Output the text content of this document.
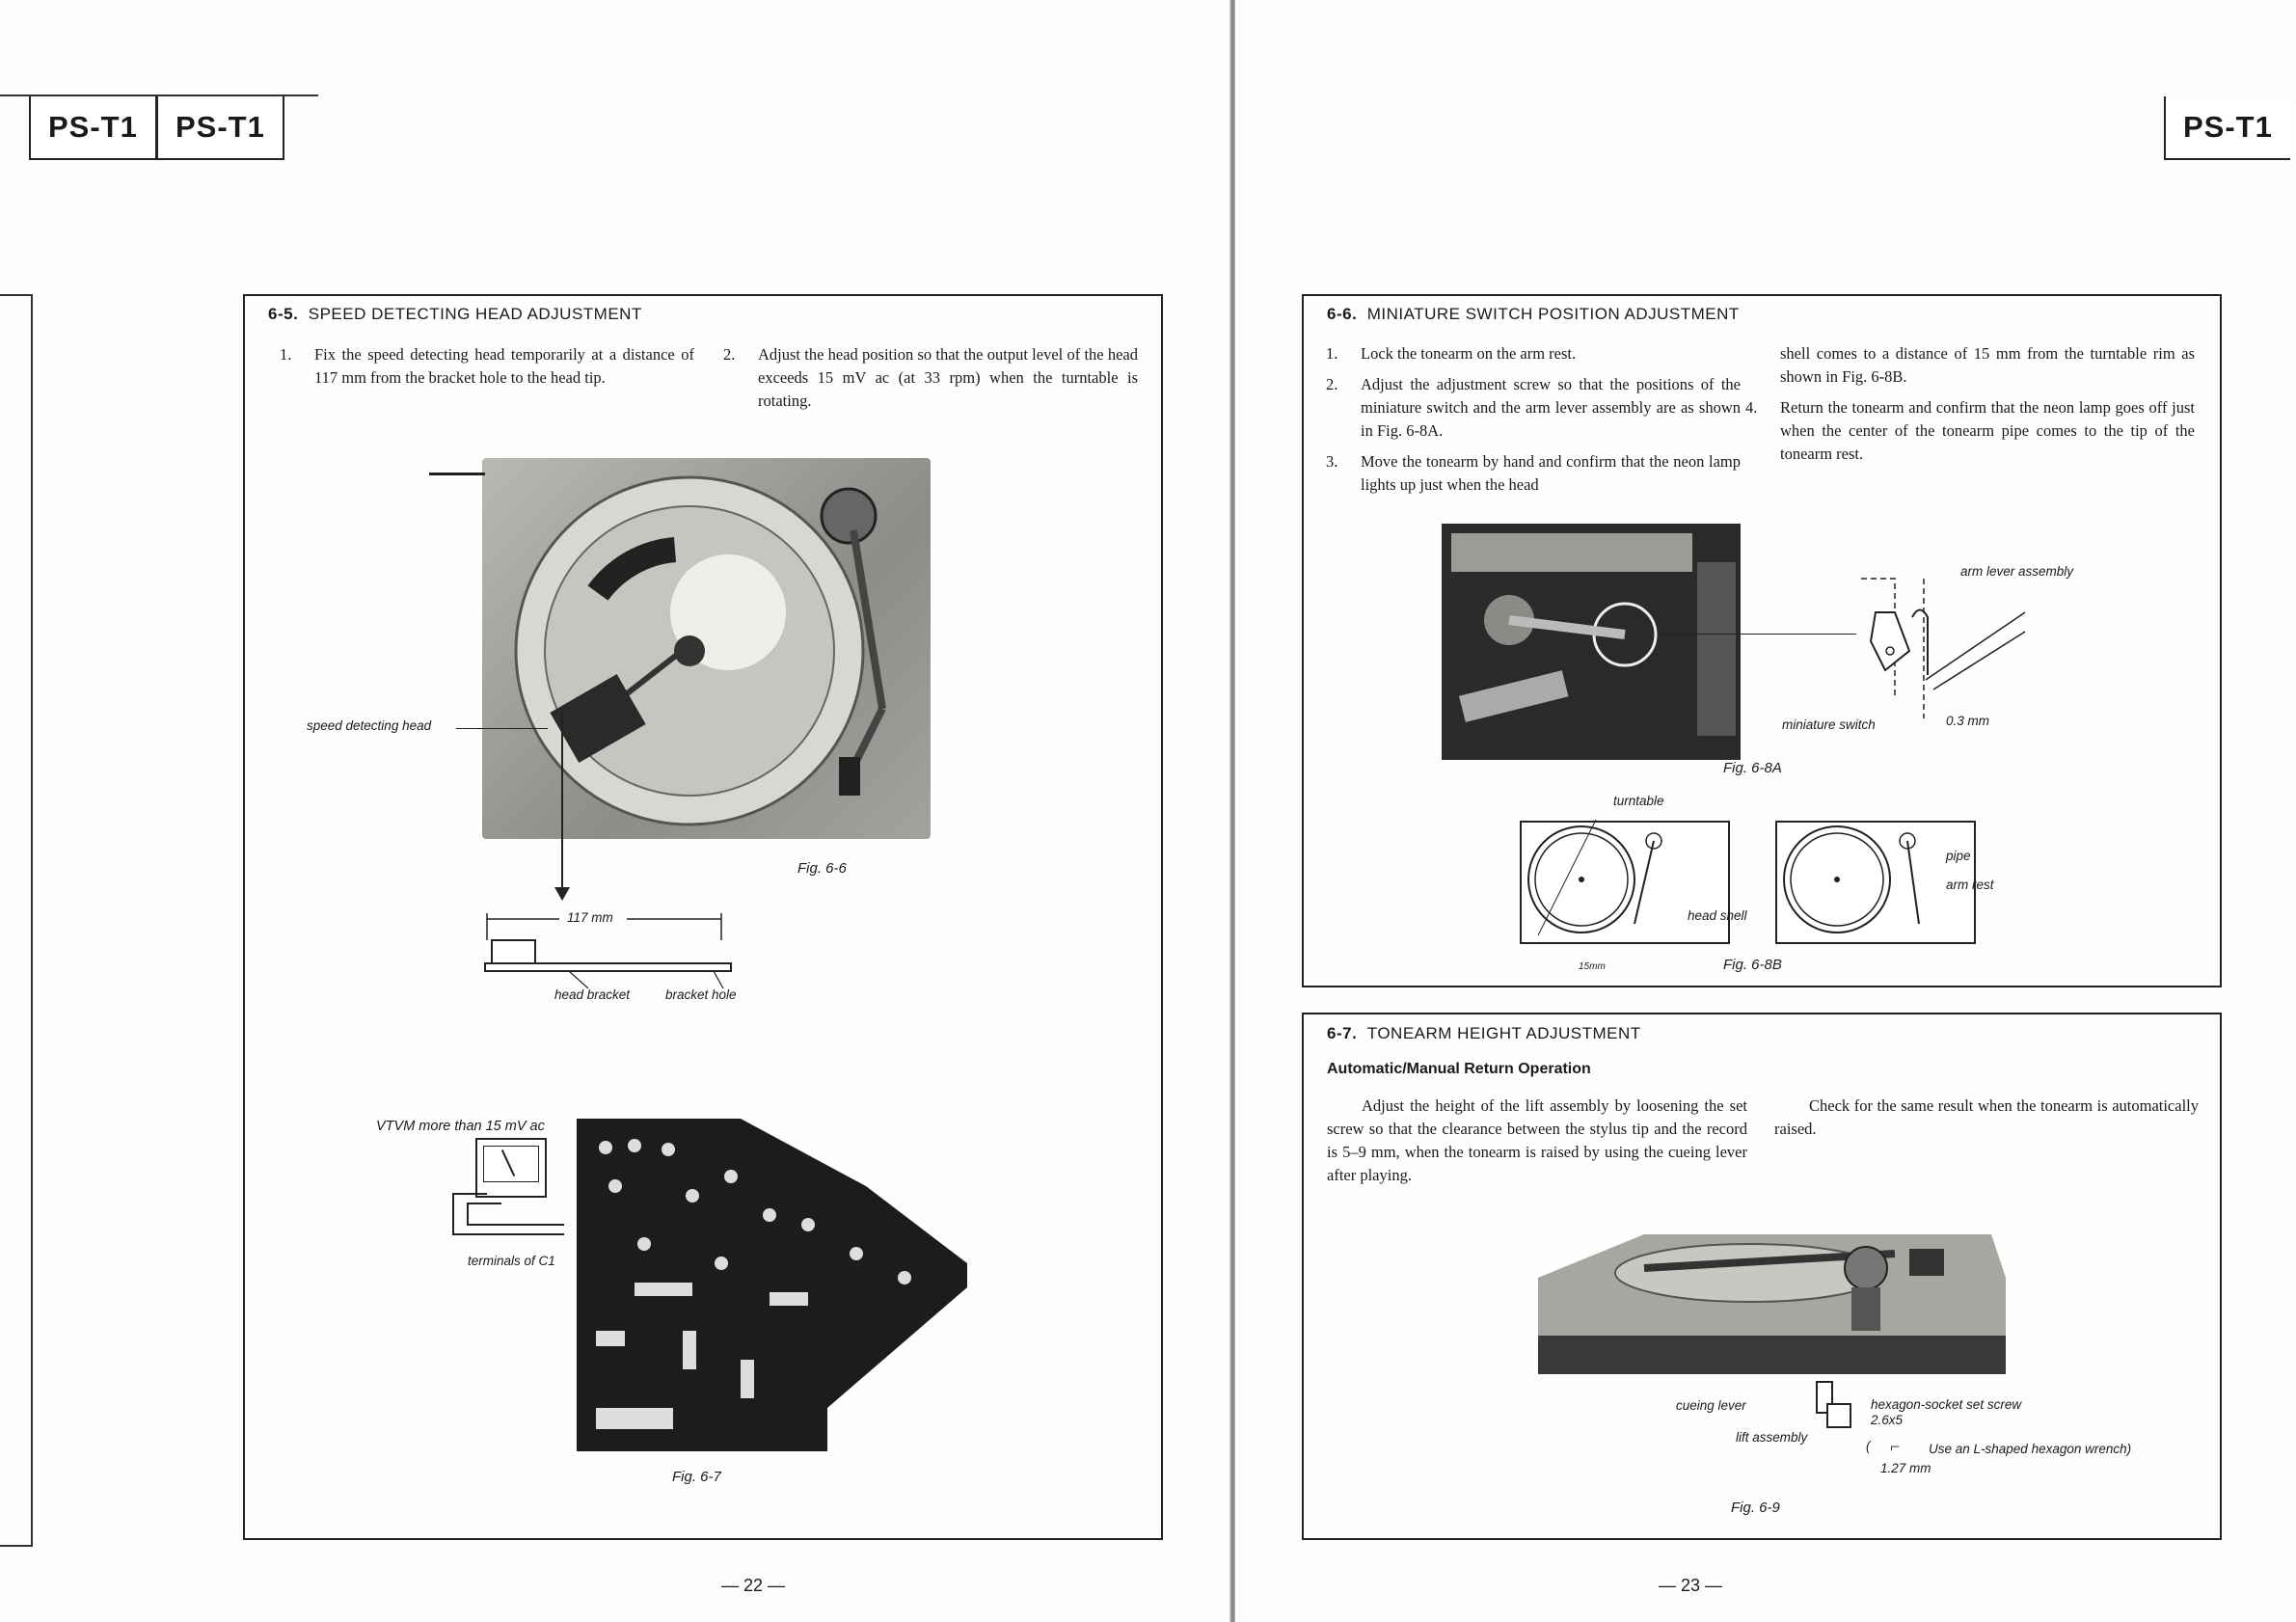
PS-T1	PS-T1	PS-T1
6-5. SPEED DETECTING HEAD ADJUSTMENT
1.	Fix the speed detecting head temporarily at a distance of 117 mm from the bracket hole to the head tip.
2.	Adjust the head position so that the output level of the head exceeds 15 mV ac (at 33 rpm) when the turntable is rotating.
speed detecting head
Fig. 6-6
117 mm
head bracket	bracket hole
VTVM more than 15 mV ac
terminals of C1
Fig. 6-7
— 22 —
6-6. MINIATURE SWITCH POSITION ADJUSTMENT
1.	Lock the tonearm on the arm rest.
2.	Adjust the adjustment screw so that the positions of the miniature switch and the arm lever assembly are as shown in Fig. 6-8A.
3.	Move the tonearm by hand and confirm that the neon lamp lights up just when the head
shell comes to a distance of 15 mm from the turntable rim as shown in Fig. 6-8B.
4.	Return the tonearm and confirm that the neon lamp goes off just when the center of the tonearm pipe comes to the tip of the tonearm rest.
arm lever assembly
miniature switch	0.3 mm
Fig. 6-8A
turntable
head shell
15mm
pipe
arm rest
Fig. 6-8B
6-7. TONEARM HEIGHT ADJUSTMENT
Automatic/Manual Return Operation
Adjust the height of the lift assembly by loosening the set screw so that the clearance between the stylus tip and the record is 5–9 mm, when the tonearm is raised by using the cueing lever after playing.
Check for the same result when the tonearm is automatically raised.
cueing lever
lift assembly
hexagon-socket set screw
2.6x5
( ⌐ Use an L-shaped hexagon wrench)
1.27 mm
Fig. 6-9
— 23 —
